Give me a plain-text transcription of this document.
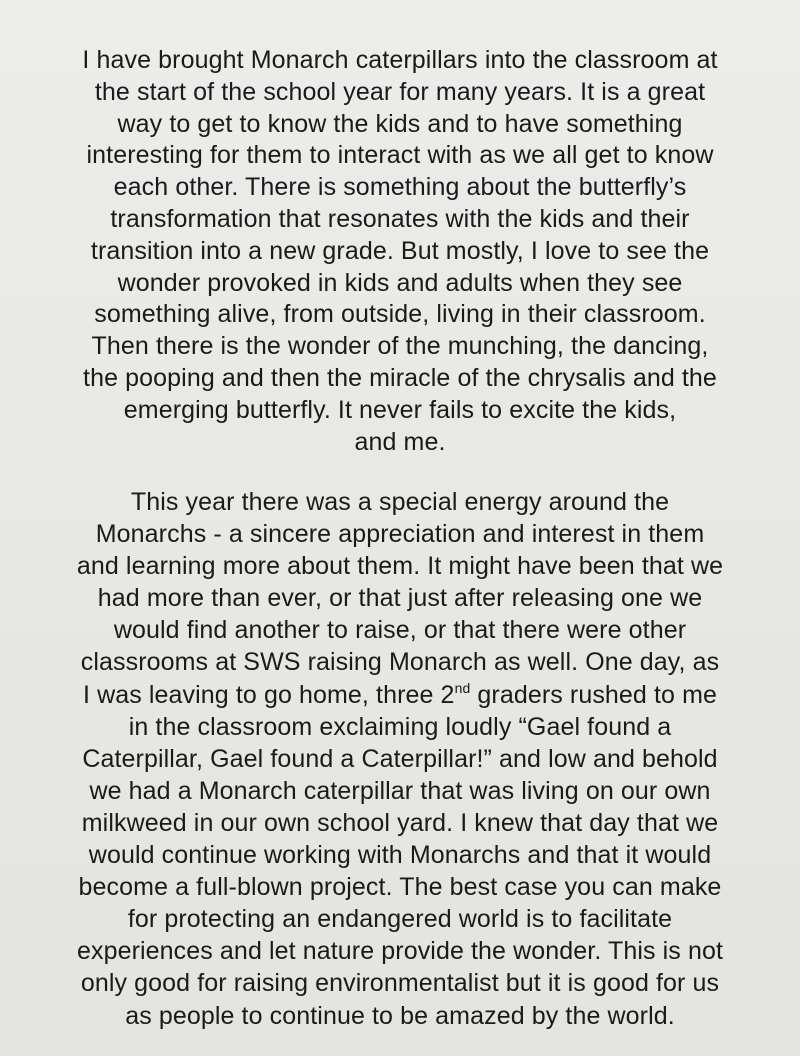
I have brought Monarch caterpillars into the classroom at
the start of the school year for many years. It is a great
way to get to know the kids and to have something
interesting for them to interact with as we all get to know
each other. There is something about the butterfly’s
transformation that resonates with the kids and their
transition into a new grade. But mostly, I love to see the
wonder provoked in kids and adults when they see
something alive, from outside, living in their classroom.
Then there is the wonder of the munching, the dancing,
the pooping and then the miracle of the chrysalis and the
emerging butterfly. It never fails to excite the kids,
and me.

This year there was a special energy around the
Monarchs - a sincere appreciation and interest in them
and learning more about them. It might have been that we
had more than ever, or that just after releasing one we
would find another to raise, or that there were other
classrooms at SWS raising Monarch as well. One day, as
I was leaving to go home, three 2nd graders rushed to me
in the classroom exclaiming loudly “Gael found a
Caterpillar, Gael found a Caterpillar!” and low and behold
we had a Monarch caterpillar that was living on our own
milkweed in our own school yard. I knew that day that we
would continue working with Monarchs and that it would
become a full-blown project. The best case you can make
for protecting an endangered world is to facilitate
experiences and let nature provide the wonder. This is not
only good for raising environmentalist but it is good for us
as people to continue to be amazed by the world.
